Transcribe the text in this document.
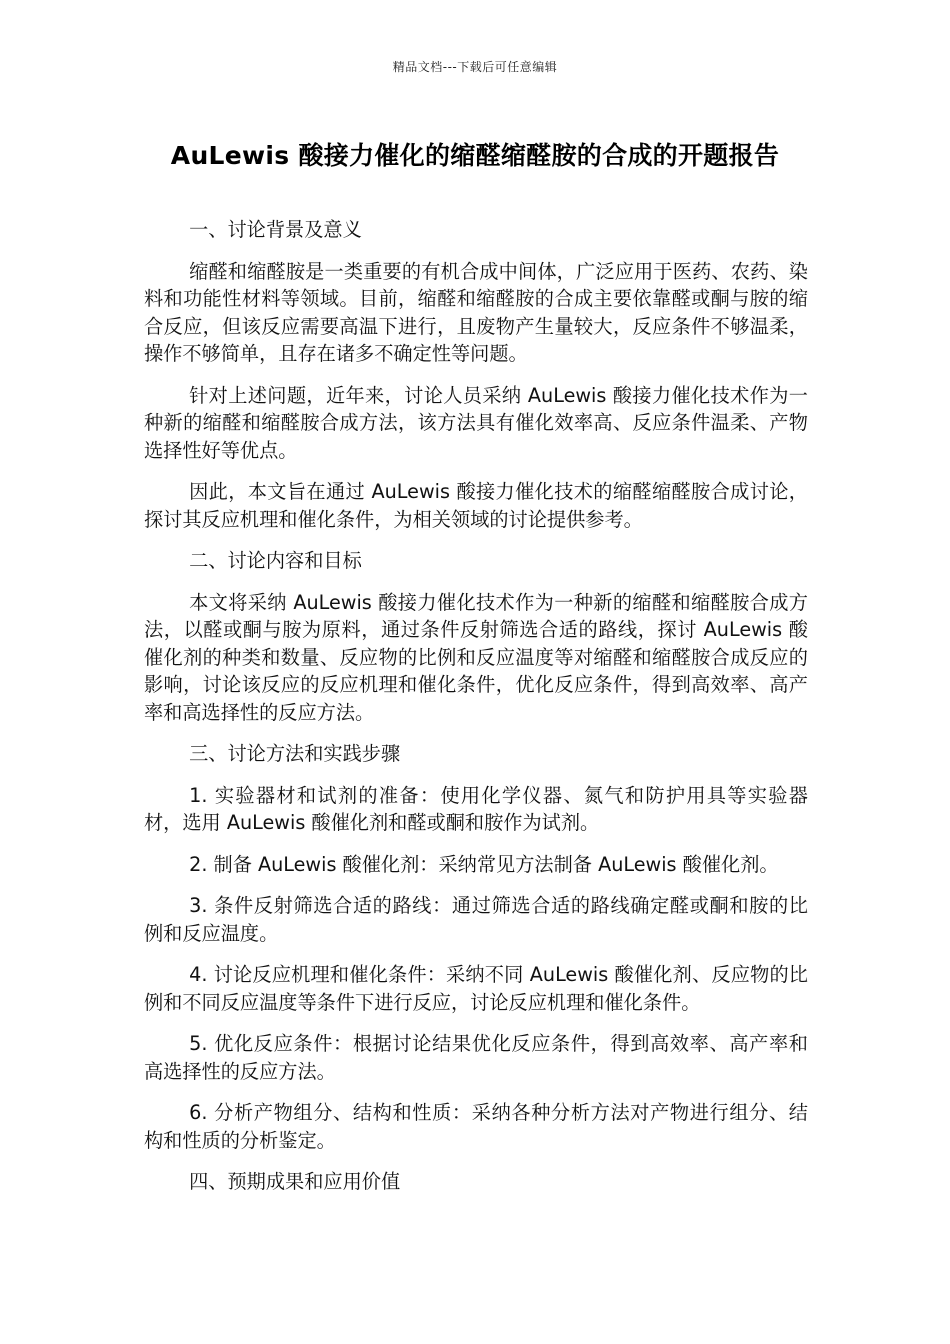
精品文档---下载后可任意编辑
AuLewis 酸接力催化的缩醛缩醛胺的合成的开题报告

一、讨论背景及意义

缩醛和缩醛胺是一类重要的有机合成中间体，广泛应用于医药、农药、染料和功能性材料等领域。目前，缩醛和缩醛胺的合成主要依靠醛或酮与胺的缩合反应，但该反应需要高温下进行，且废物产生量较大，反应条件不够温柔，操作不够简单，且存在诸多不确定性等问题。

针对上述问题，近年来，讨论人员采纳 AuLewis 酸接力催化技术作为一种新的缩醛和缩醛胺合成方法，该方法具有催化效率高、反应条件温柔、产物选择性好等优点。

因此，本文旨在通过 AuLewis 酸接力催化技术的缩醛缩醛胺合成讨论，探讨其反应机理和催化条件，为相关领域的讨论提供参考。

二、讨论内容和目标

本文将采纳 AuLewis 酸接力催化技术作为一种新的缩醛和缩醛胺合成方法，以醛或酮与胺为原料，通过条件反射筛选合适的路线，探讨 AuLewis 酸催化剂的种类和数量、反应物的比例和反应温度等对缩醛和缩醛胺合成反应的影响，讨论该反应的反应机理和催化条件，优化反应条件，得到高效率、高产率和高选择性的反应方法。

三、讨论方法和实践步骤

1. 实验器材和试剂的准备：使用化学仪器、氮气和防护用具等实验器材，选用 AuLewis 酸催化剂和醛或酮和胺作为试剂。

2. 制备 AuLewis 酸催化剂：采纳常见方法制备 AuLewis 酸催化剂。

3. 条件反射筛选合适的路线：通过筛选合适的路线确定醛或酮和胺的比例和反应温度。

4. 讨论反应机理和催化条件：采纳不同 AuLewis 酸催化剂、反应物的比例和不同反应温度等条件下进行反应，讨论反应机理和催化条件。

5. 优化反应条件：根据讨论结果优化反应条件，得到高效率、高产率和高选择性的反应方法。

6. 分析产物组分、结构和性质：采纳各种分析方法对产物进行组分、结构和性质的分析鉴定。

四、预期成果和应用价值
